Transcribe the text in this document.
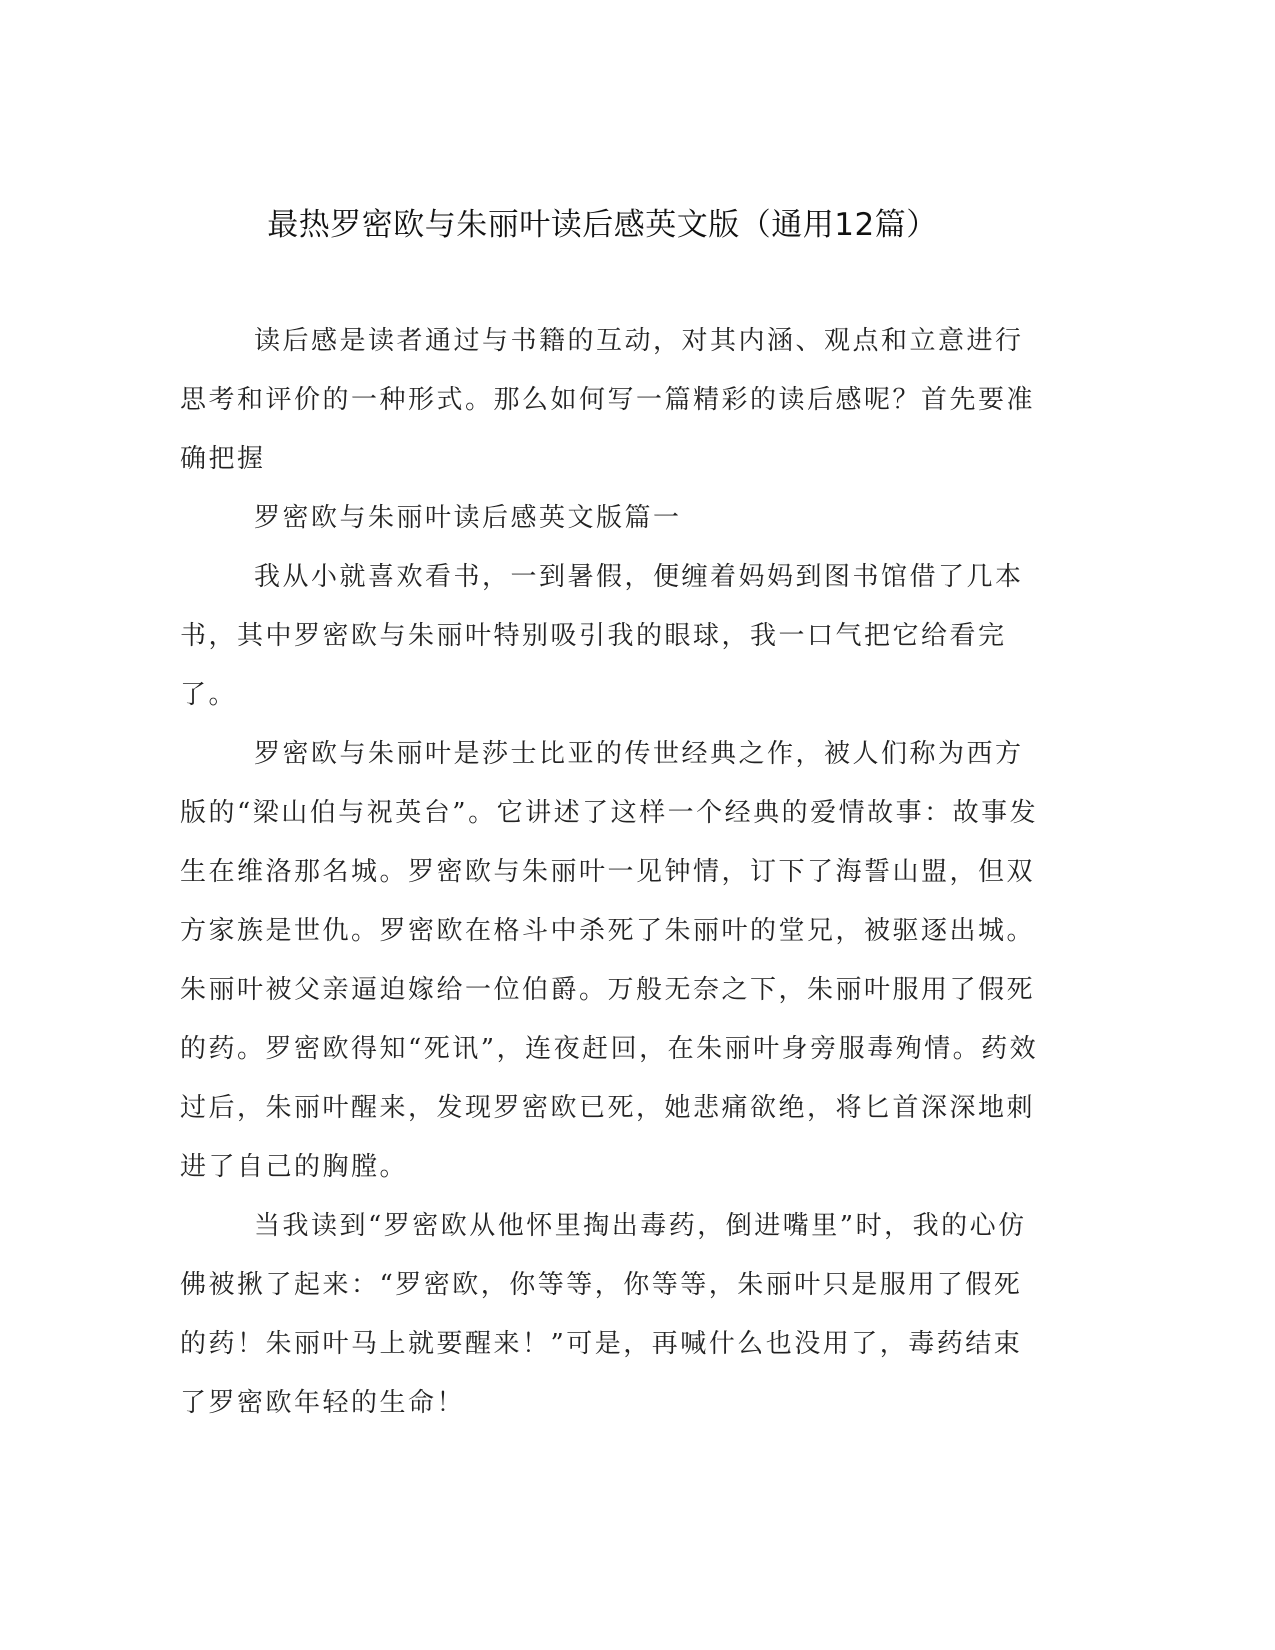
最热罗密欧与朱丽叶读后感英文版（通用12篇）

读后感是读者通过与书籍的互动，对其内涵、观点和立意进行思考和评价的一种形式。那么如何写一篇精彩的读后感呢？首先要准确把握

罗密欧与朱丽叶读后感英文版篇一

我从小就喜欢看书，一到暑假，便缠着妈妈到图书馆借了几本书，其中罗密欧与朱丽叶特别吸引我的眼球，我一口气把它给看完了。

罗密欧与朱丽叶是莎士比亚的传世经典之作，被人们称为西方版的“梁山伯与祝英台”。它讲述了这样一个经典的爱情故事：故事发生在维洛那名城。罗密欧与朱丽叶一见钟情，订下了海誓山盟，但双方家族是世仇。罗密欧在格斗中杀死了朱丽叶的堂兄，被驱逐出城。朱丽叶被父亲逼迫嫁给一位伯爵。万般无奈之下，朱丽叶服用了假死的药。罗密欧得知“死讯”，连夜赶回，在朱丽叶身旁服毒殉情。药效过后，朱丽叶醒来，发现罗密欧已死，她悲痛欲绝，将匕首深深地刺进了自己的胸膛。

当我读到“罗密欧从他怀里掏出毒药，倒进嘴里”时，我的心仿佛被揪了起来：“罗密欧，你等等，你等等，朱丽叶只是服用了假死的药！朱丽叶马上就要醒来！”可是，再喊什么也没用了，毒药结束了罗密欧年轻的生命！
